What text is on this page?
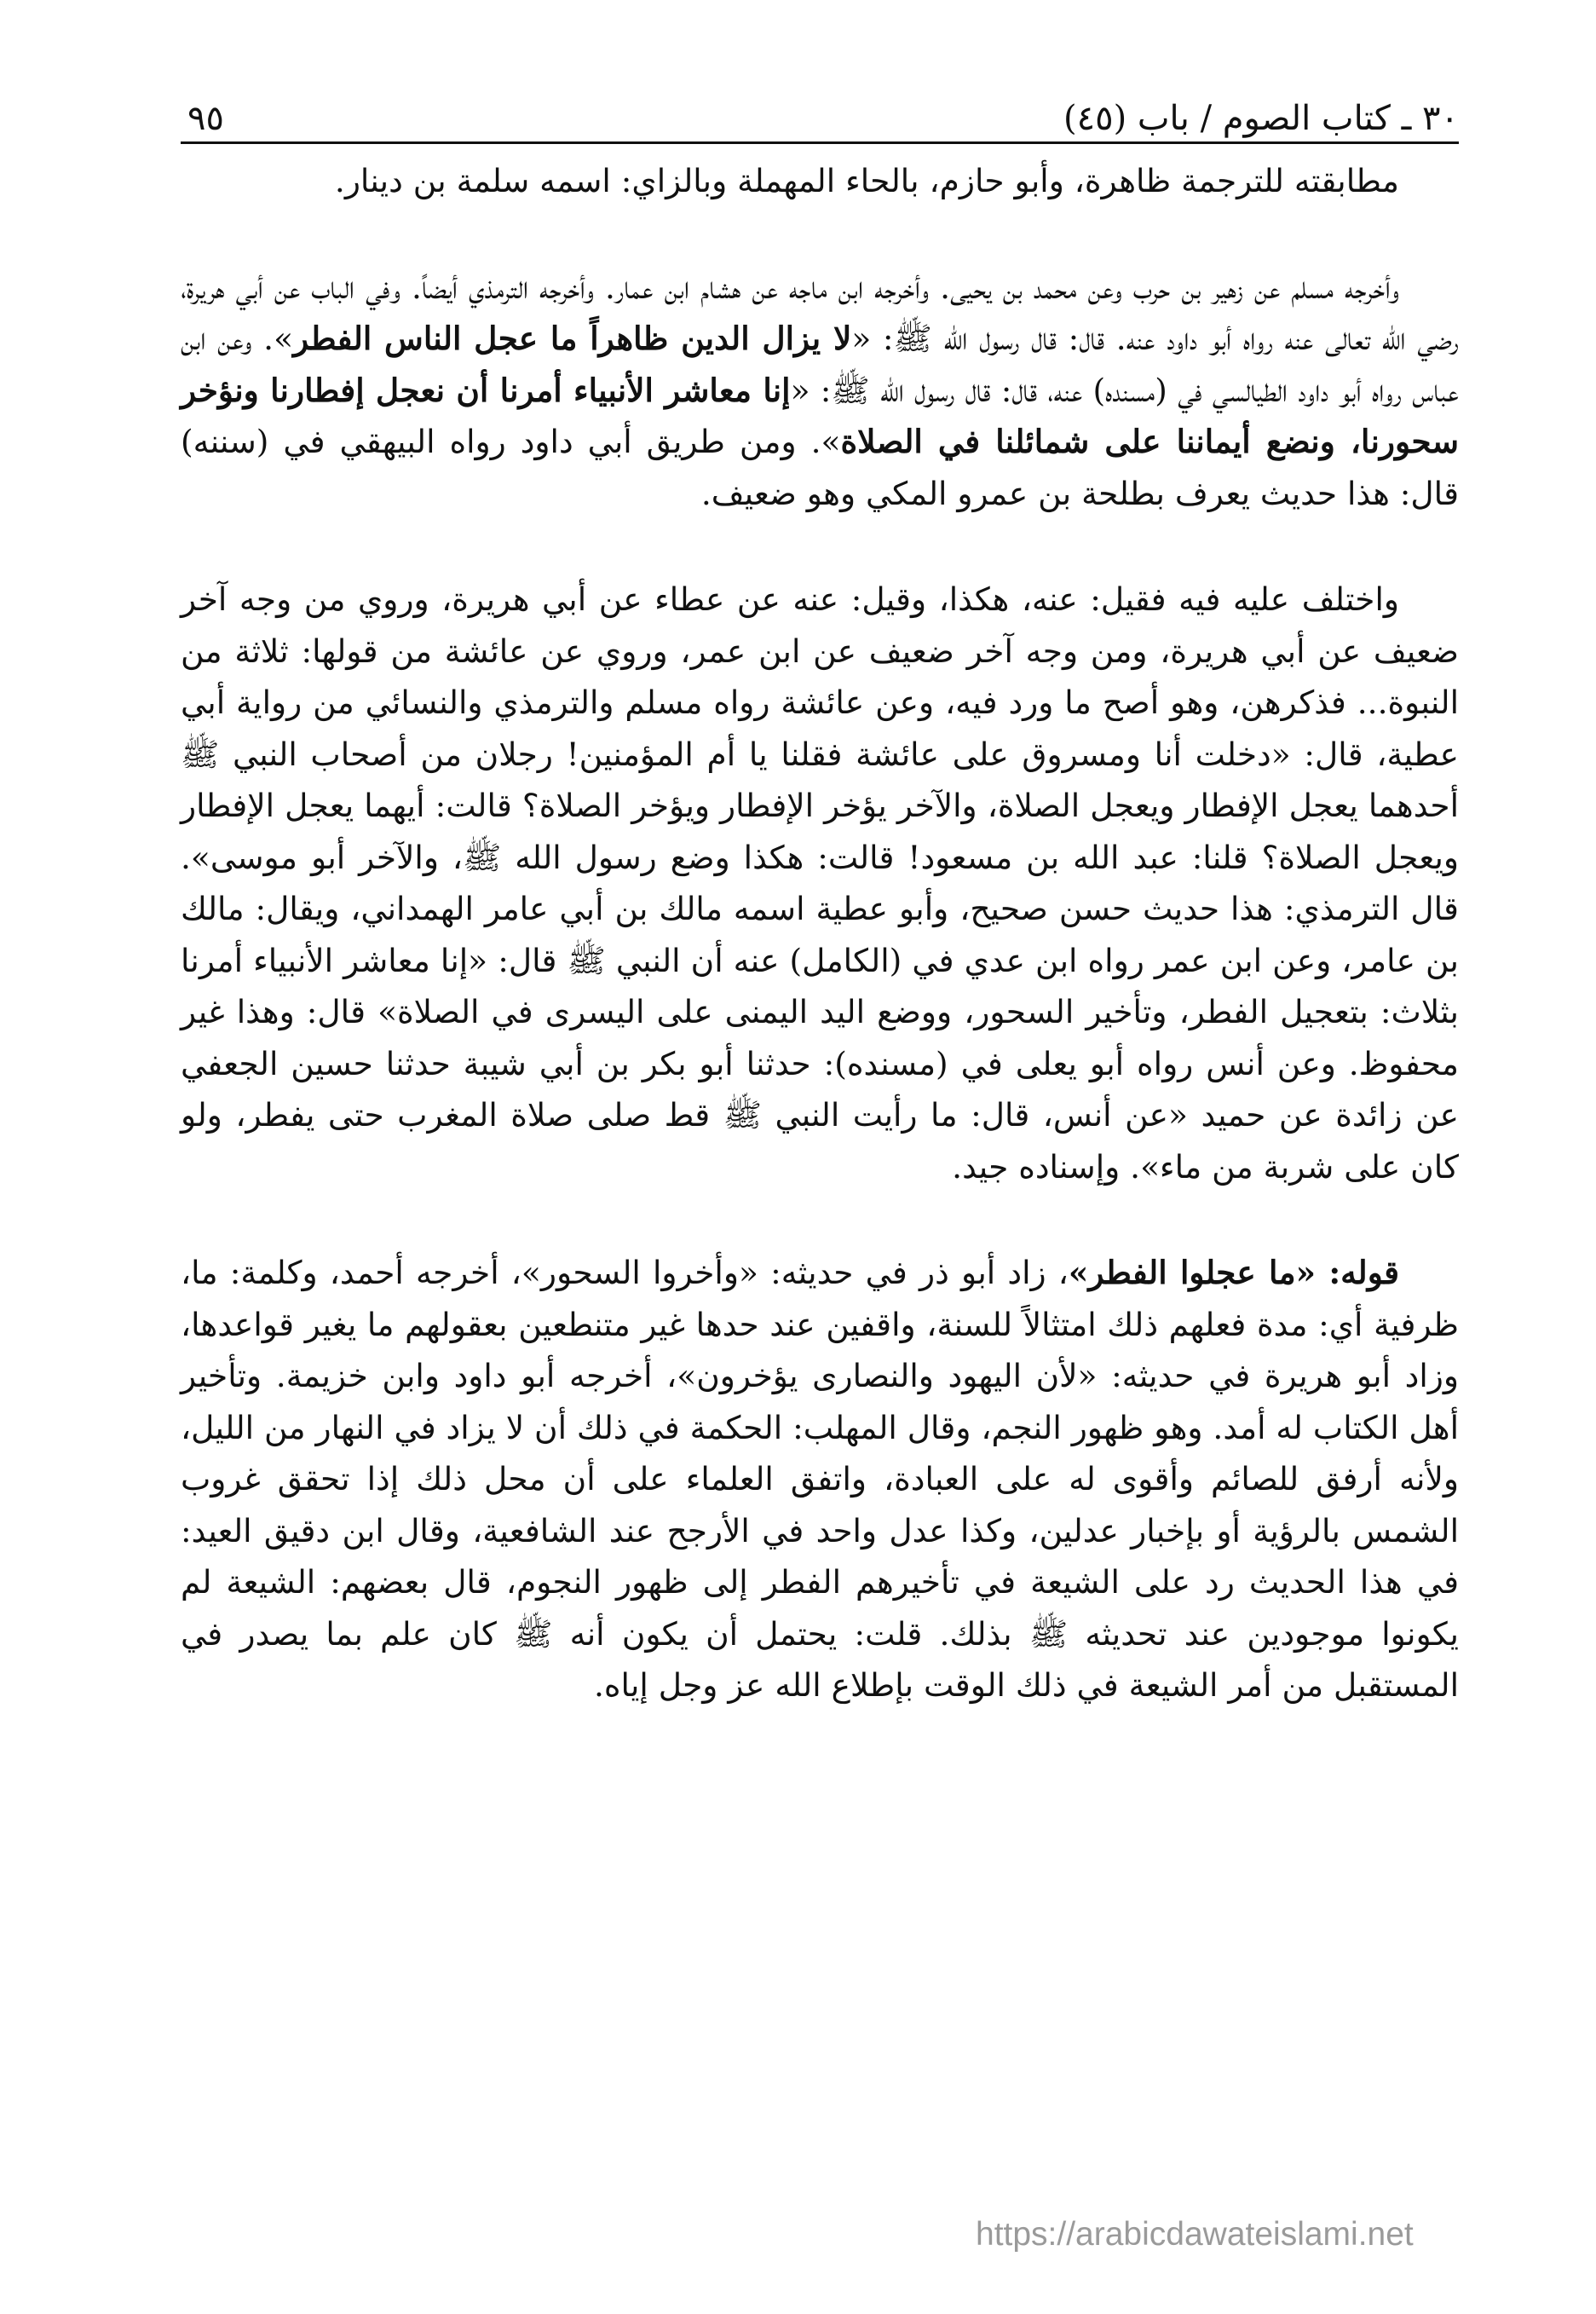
٣٠ ـ كتاب الصوم / باب (٤٥)
٩٥

مطابقته للترجمة ظاهرة، وأبو حازم، بالحاء المهملة وبالزاي: اسمه سلمة بن دينار.

وأخرجه مسلم عن زهير بن حرب وعن محمد بن يحيى. وأخرجه ابن ماجه عن هشام ابن عمار. وأخرجه الترمذي أيضاً. وفي الباب عن أبي هريرة، رضي الله تعالى عنه رواه أبو داود عنه. قال: قال رسول الله ﷺ: «لا يزال الدين ظاهراً ما عجل الناس الفطر». وعن ابن عباس رواه أبو داود الطيالسي في (مسنده) عنه، قال: قال رسول الله ﷺ: «إنا معاشر الأنبياء أمرنا أن نعجل إفطارنا ونؤخر سحورنا، ونضع أيماننا على شمائلنا في الصلاة». ومن طريق أبي داود رواه البيهقي في (سننه) قال: هذا حديث يعرف بطلحة بن عمرو المكي وهو ضعيف.

واختلف عليه فيه فقيل: عنه، هكذا، وقيل: عنه عن عطاء عن أبي هريرة، وروي من وجه آخر ضعيف عن أبي هريرة، ومن وجه آخر ضعيف عن ابن عمر، وروي عن عائشة من قولها: ثلاثة من النبوة... فذكرهن، وهو أصح ما ورد فيه، وعن عائشة رواه مسلم والترمذي والنسائي من رواية أبي عطية، قال: «دخلت أنا ومسروق على عائشة فقلنا يا أم المؤمنين! رجلان من أصحاب النبي ﷺ أحدهما يعجل الإفطار ويعجل الصلاة، والآخر يؤخر الإفطار ويؤخر الصلاة؟ قالت: أيهما يعجل الإفطار ويعجل الصلاة؟ قلنا: عبد الله بن مسعود! قالت: هكذا وضع رسول الله ﷺ، والآخر أبو موسى». قال الترمذي: هذا حديث حسن صحيح، وأبو عطية اسمه مالك بن أبي عامر الهمداني، ويقال: مالك بن عامر، وعن ابن عمر رواه ابن عدي في (الكامل) عنه أن النبي ﷺ قال: «إنا معاشر الأنبياء أمرنا بثلاث: بتعجيل الفطر، وتأخير السحور، ووضع اليد اليمنى على اليسرى في الصلاة» قال: وهذا غير محفوظ. وعن أنس رواه أبو يعلى في (مسنده): حدثنا أبو بكر بن أبي شيبة حدثنا حسين الجعفي عن زائدة عن حميد «عن أنس، قال: ما رأيت النبي ﷺ قط صلى صلاة المغرب حتى يفطر، ولو كان على شربة من ماء». وإسناده جيد.

قوله: «ما عجلوا الفطر»، زاد أبو ذر في حديثه: «وأخروا السحور»، أخرجه أحمد، وكلمة: ما، ظرفية أي: مدة فعلهم ذلك امتثالاً للسنة، واقفين عند حدها غير متنطعين بعقولهم ما يغير قواعدها، وزاد أبو هريرة في حديثه: «لأن اليهود والنصارى يؤخرون»، أخرجه أبو داود وابن خزيمة. وتأخير أهل الكتاب له أمد. وهو ظهور النجم، وقال المهلب: الحكمة في ذلك أن لا يزاد في النهار من الليل، ولأنه أرفق للصائم وأقوى له على العبادة، واتفق العلماء على أن محل ذلك إذا تحقق غروب الشمس بالرؤية أو بإخبار عدلين، وكذا عدل واحد في الأرجح عند الشافعية، وقال ابن دقيق العيد: في هذا الحديث رد على الشيعة في تأخيرهم الفطر إلى ظهور النجوم، قال بعضهم: الشيعة لم يكونوا موجودين عند تحديثه ﷺ بذلك. قلت: يحتمل أن يكون أنه ﷺ كان علم بما يصدر في المستقبل من أمر الشيعة في ذلك الوقت بإطلاع الله عز وجل إياه.

https://arabicdawateislami.net
